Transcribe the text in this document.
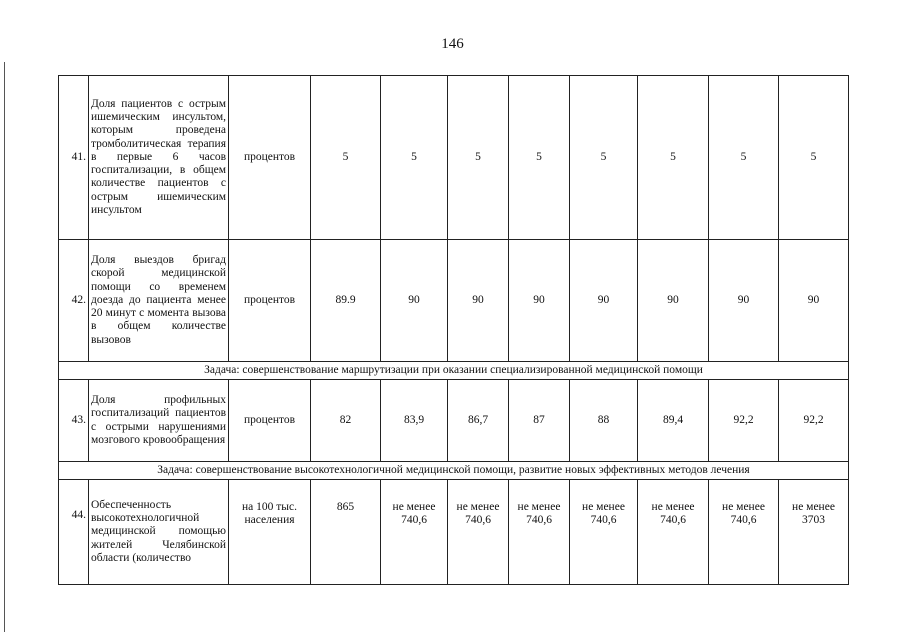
146
41.	Доля пациентов с острым ишемическим инсультом, которым проведена тромболитическая терапия в первые 6 часов госпитализации, в общем количестве пациентов с острым ишемическим инсультом	процентов	5	5	5	5	5	5	5	5
42.	Доля выездов бригад скорой медицинской помощи со временем доезда до пациента менее 20 минут с момента вызова в общем количестве вызовов	процентов	89.9	90	90	90	90	90	90	90
Задача: совершенствование маршрутизации при оказании специализированной медицинской помощи										
43.	Доля профильных госпитализаций пациентов с острыми нарушениями мозгового кровообращения	процентов	82	83,9	86,7	87	88	89,4	92,2	92,2
Задача: совершенствование высокотехнологичной медицинской помощи, развитие новых эффективных методов лечения										
44.	Обеспеченность высокотехнологичной медицинской помощью жителей Челябинской области (количество	на 100 тыс. населения	865	не менее 740,6	не менее 740,6	не менее 740,6	не менее 740,6	не менее 740,6	не менее 740,6	не менее 3703
